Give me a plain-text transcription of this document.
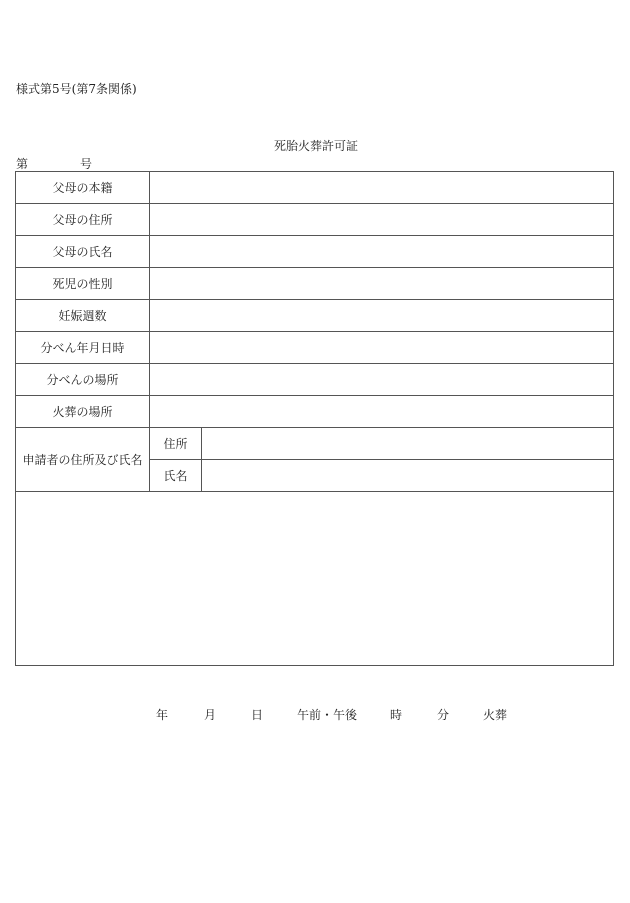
様式第5号(第7条関係)
死胎火葬許可証
第	号
父母の本籍		
父母の住所		
父母の氏名		
死児の性別		
妊娠週数		
分べん年月日時		
分べんの場所		
火葬の場所		
申請者の住所及び氏名	住所	
	氏名	

年	月	日	午前・午後	時	分	火葬
